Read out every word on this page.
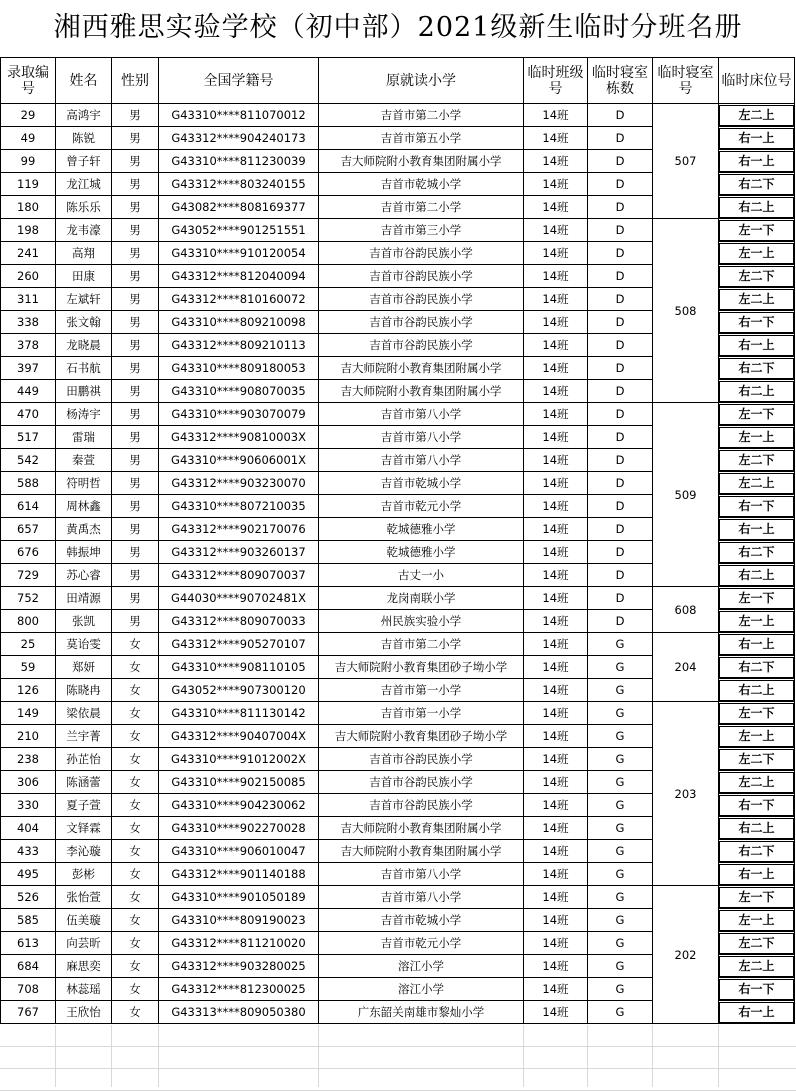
湘西雅思实验学校（初中部）2021级新生临时分班名册
录取编号	姓名	性别	全国学籍号	原就读小学	临时班级号	临时寝室栋数	临时寝室号	临时床位号
29	高鸿宇	男	G43310****811070012	吉首市第二小学	14班	D	507	左二上

49	陈锐	男	G43312****904240173	吉首市第五小学	14班	D		右一上

99	曾子轩	男	G43310****811230039	吉大师院附小教育集团附属小学	14班	D		右一上

119	龙江城	男	G43312****803240155	吉首市乾城小学	14班	D		右二下

180	陈乐乐	男	G43082****808169377	吉首市第二小学	14班	D		右二上

198	龙韦濠	男	G43052****901251551	吉首市第三小学	14班	D	508	左一下

241	高翔	男	G43310****910120054	吉首市谷韵民族小学	14班	D		左一上

260	田康	男	G43312****812040094	吉首市谷韵民族小学	14班	D		左二下

311	左斌轩	男	G43312****810160072	吉首市谷韵民族小学	14班	D		左二上

338	张文翰	男	G43310****809210098	吉首市谷韵民族小学	14班	D		右一下

378	龙晓晨	男	G43312****809210113	吉首市谷韵民族小学	14班	D		右一上

397	石书航	男	G43310****809180053	吉大师院附小教育集团附属小学	14班	D		右二下

449	田鹏祺	男	G43310****908070035	吉大师院附小教育集团附属小学	14班	D		右二上

470	杨涛宇	男	G43310****903070079	吉首市第八小学	14班	D	509	左一下

517	雷瑞	男	G43312****90810003X	吉首市第八小学	14班	D		左一上

542	秦萱	男	G43310****90606001X	吉首市第八小学	14班	D		左二下

588	符明哲	男	G43312****903230070	吉首市乾城小学	14班	D		左二上

614	周林鑫	男	G43310****807210035	吉首市乾元小学	14班	D		右一下

657	黄禹杰	男	G43312****902170076	乾城德雅小学	14班	D		右一上

676	韩振坤	男	G43312****903260137	乾城德雅小学	14班	D		右二下

729	苏心睿	男	G43312****809070037	古丈一小	14班	D		右二上

752	田靖源	男	G44030****90702481X	龙岗南联小学	14班	D	608	左一下

800	张凯	男	G43312****809070033	州民族实验小学	14班	D		左一上

25	莫诒雯	女	G43312****905270107	吉首市第二小学	14班	G	204	右一上

59	郑妍	女	G43310****908110105	吉大师院附小教育集团砂子坳小学	14班	G		右二下

126	陈晓冉	女	G43052****907300120	吉首市第一小学	14班	G		右二上

149	梁依晨	女	G43310****811130142	吉首市第一小学	14班	G	203	左一下

210	兰宇菁	女	G43312****90407004X	吉大师院附小教育集团砂子坳小学	14班	G		左一上

238	孙芷怡	女	G43310****91012002X	吉首市谷韵民族小学	14班	G		左二下

306	陈涵蕾	女	G43310****902150085	吉首市谷韵民族小学	14班	G		左二上

330	夏子萱	女	G43310****904230062	吉首市谷韵民族小学	14班	G		右一下

404	文铎霖	女	G43310****902270028	吉大师院附小教育集团附属小学	14班	G		右二上

433	李沁璇	女	G43310****906010047	吉大师院附小教育集团附属小学	14班	G		右二下

495	彭彬	女	G43312****901140188	吉首市第八小学	14班	G		右一上

526	张怡萱	女	G43310****901050189	吉首市第八小学	14班	G	202	左一下

585	伍美璇	女	G43310****809190023	吉首市乾城小学	14班	G		左一上

613	向芸昕	女	G43312****811210020	吉首市乾元小学	14班	G		左二下

684	麻思奕	女	G43312****903280025	溶江小学	14班	G		左二上

708	林蕊瑶	女	G43312****812300025	溶江小学	14班	G		右一下

767	王欣怡	女	G43313****809050380	广东韶关南雄市黎灿小学	14班	G		右一上
